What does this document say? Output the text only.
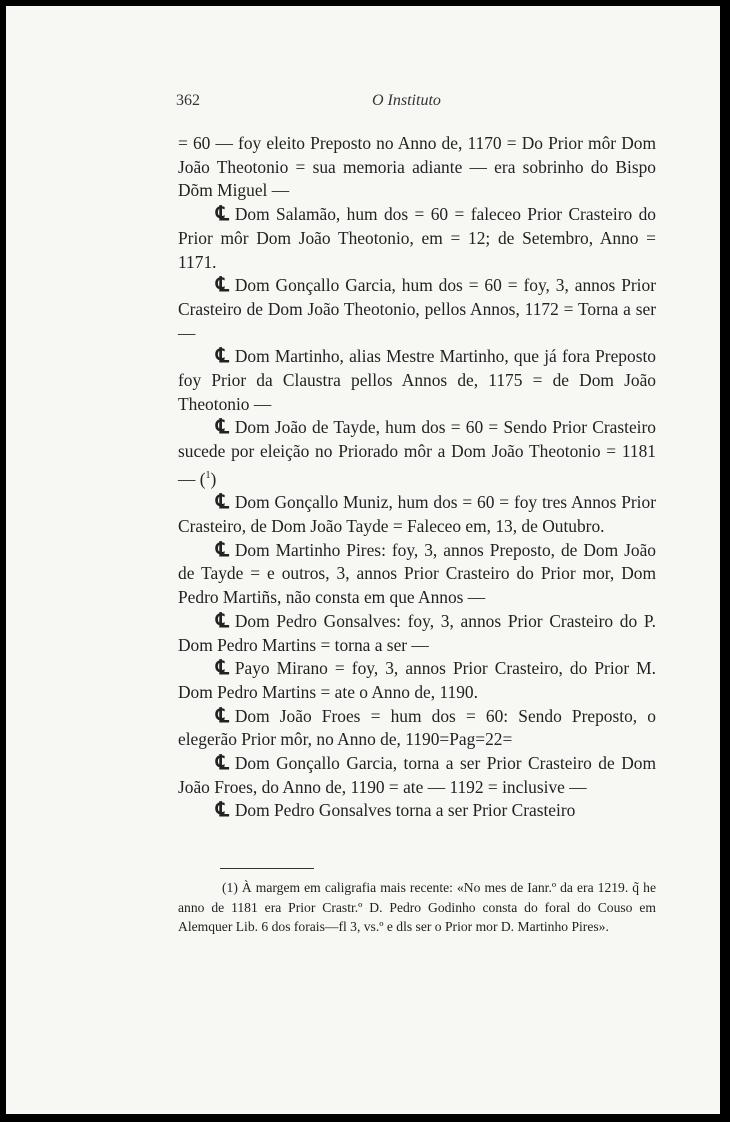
362	O Instituto

= 60 — foy eleito Preposto no Anno de, 1170 = Do Prior môr Dom João Theotonio = sua memoria adiante — era sobrinho do Bispo Dõm Miguel —

℄ Dom Salamão, hum dos = 60 = faleceo Prior Crasteiro do Prior môr Dom João Theotonio, em = 12; de Setembro, Anno = 1171.

℄ Dom Gonçallo Garcia, hum dos = 60 = foy, 3, annos Prior Crasteiro de Dom João Theotonio, pellos Annos, 1172 = Torna a ser —

℄ Dom Martinho, alias Mestre Martinho, que já fora Preposto foy Prior da Claustra pellos Annos de, 1175 = de Dom João Theotonio —

℄ Dom João de Tayde, hum dos = 60 = Sendo Prior Crasteiro sucede por eleição no Priorado môr a Dom João Theotonio = 1181 — ($^1$)

℄ Dom Gonçallo Muniz, hum dos = 60 = foy tres Annos Prior Crasteiro, de Dom João Tayde = Faleceo em, 13, de Outubro.

℄ Dom Martinho Pires: foy, 3, annos Preposto, de Dom João de Tayde = e outros, 3, annos Prior Crasteiro do Prior mor, Dom Pedro Martiñs, não consta em que Annos —

℄ Dom Pedro Gonsalves: foy, 3, annos Prior Crasteiro do P. Dom Pedro Martins = torna a ser —

℄ Payo Mirano = foy, 3, annos Prior Crasteiro, do Prior M. Dom Pedro Martins = ate o Anno de, 1190.

℄ Dom João Froes = hum dos = 60: Sendo Preposto, o elegerão Prior môr, no Anno de, 1190=Pag=22=

℄ Dom Gonçallo Garcia, torna a ser Prior Crasteiro de Dom João Froes, do Anno de, 1190 = ate — 1192 = inclusive —

℄ Dom Pedro Gonsalves torna a ser Prior Crasteiro

(1) À margem em caligrafia mais recente: «No mes de Ianr.º da era 1219. q̃ he anno de 1181 era Prior Crastr.º D. Pedro Godinho consta do foral do Couso em Alemquer Lib. 6 dos forais—fl 3, vs.º e dls ser o Prior mor D. Martinho Pires».
